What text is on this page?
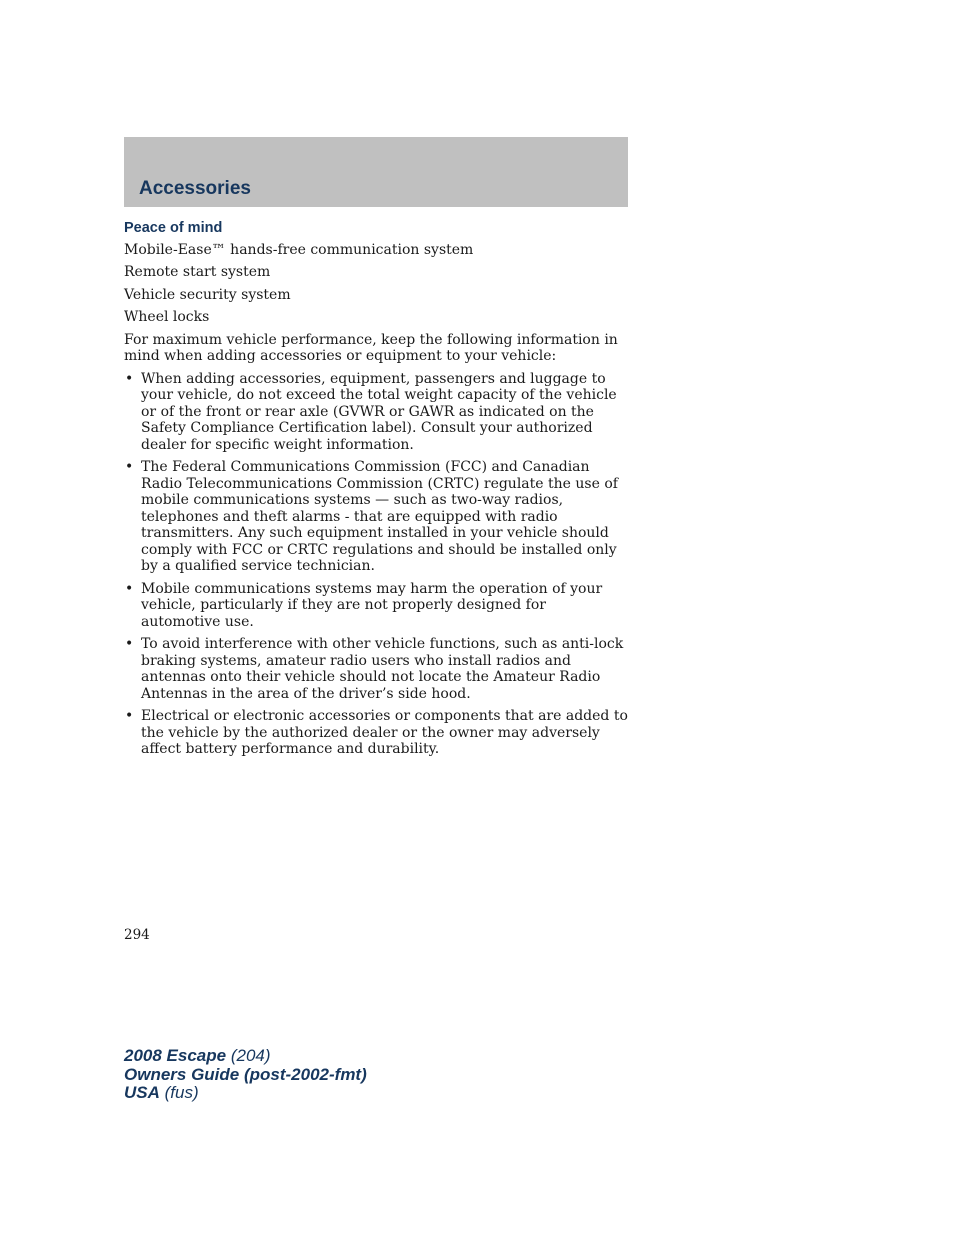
Accessories
Peace of mind

Mobile-Ease™ hands-free communication system

Remote start system

Vehicle security system

Wheel locks

For maximum vehicle performance, keep the following information in mind when adding accessories or equipment to your vehicle:

• When adding accessories, equipment, passengers and luggage to your vehicle, do not exceed the total weight capacity of the vehicle or of the front or rear axle (GVWR or GAWR as indicated on the Safety Compliance Certification label). Consult your authorized dealer for specific weight information.
• The Federal Communications Commission (FCC) and Canadian Radio Telecommunications Commission (CRTC) regulate the use of mobile communications systems — such as two-way radios, telephones and theft alarms - that are equipped with radio transmitters. Any such equipment installed in your vehicle should comply with FCC or CRTC regulations and should be installed only by a qualified service technician.
• Mobile communications systems may harm the operation of your vehicle, particularly if they are not properly designed for automotive use.
• To avoid interference with other vehicle functions, such as anti-lock braking systems, amateur radio users who install radios and antennas onto their vehicle should not locate the Amateur Radio Antennas in the area of the driver’s side hood.
• Electrical or electronic accessories or components that are added to the vehicle by the authorized dealer or the owner may adversely affect battery performance and durability.
294
2008 Escape (204)
Owners Guide (post-2002-fmt)
USA (fus)
